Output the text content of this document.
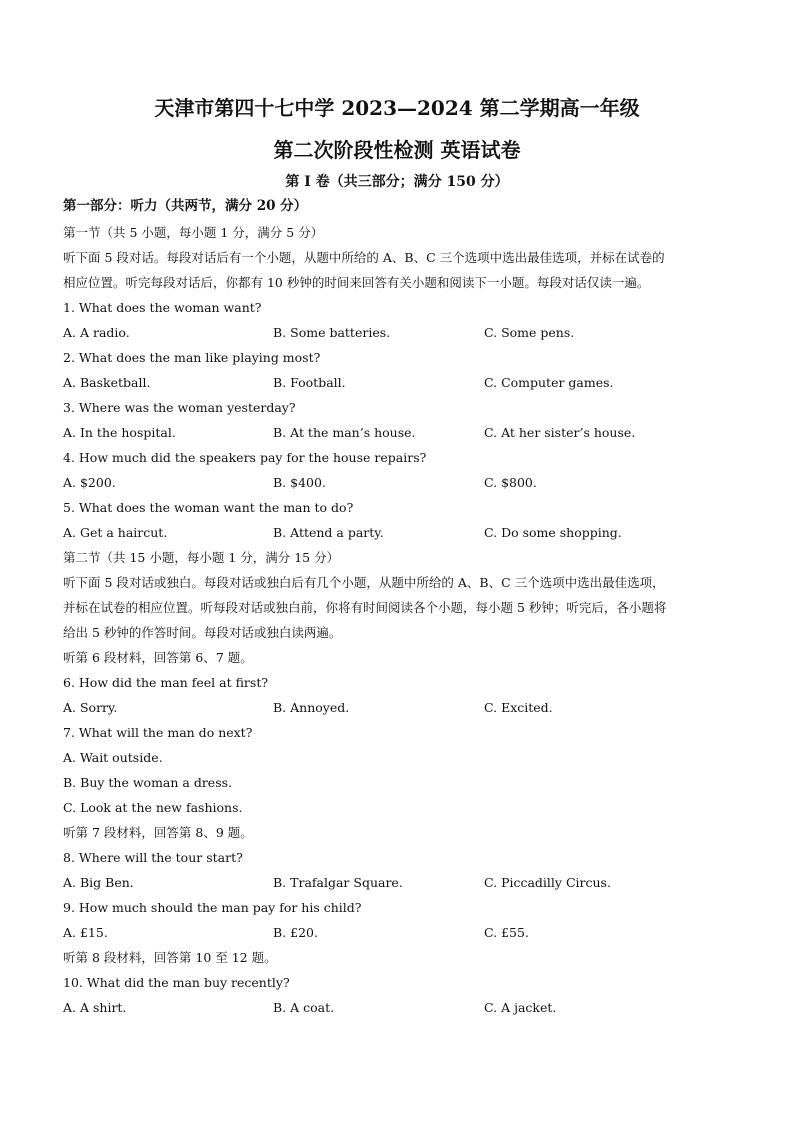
天津市第四十七中学 2023—2024 第二学期高一年级
第二次阶段性检测 英语试卷
第 I 卷（共三部分；满分 150 分）
第一部分：听力（共两节，满分 20 分）
第一节（共 5 小题，每小题 1 分，满分 5 分）
听下面 5 段对话。每段对话后有一个小题，从题中所给的 A、B、C 三个选项中选出最佳选项，并标在试卷的
相应位置。听完每段对话后，你都有 10 秒钟的时间来回答有关小题和阅读下一小题。每段对话仅读一遍。
1. What does the woman want?
A. A radio.	B. Some batteries.	C. Some pens.
2. What does the man like playing most?
A. Basketball.	B. Football.	C. Computer games.
3. Where was the woman yesterday?
A. In the hospital.	B. At the man’s house.	C. At her sister’s house.
4. How much did the speakers pay for the house repairs?
A. $200.	B. $400.	C. $800.
5. What does the woman want the man to do?
A. Get a haircut.	B. Attend a party.	C. Do some shopping.
第二节（共 15 小题，每小题 1 分，满分 15 分）
听下面 5 段对话或独白。每段对话或独白后有几个小题，从题中所给的 A、B、C 三个选项中选出最佳选项，
并标在试卷的相应位置。听每段对话或独白前，你将有时间阅读各个小题，每小题 5 秒钟；听完后，各小题将
给出 5 秒钟的作答时间。每段对话或独白读两遍。
听第 6 段材料，回答第 6、7 题。
6. How did the man feel at first?
A. Sorry.	B. Annoyed.	C. Excited.
7. What will the man do next?
A. Wait outside.
B. Buy the woman a dress.
C. Look at the new fashions.
听第 7 段材料，回答第 8、9 题。
8. Where will the tour start?
A. Big Ben.	B. Trafalgar Square.	C. Piccadilly Circus.
9. How much should the man pay for his child?
A. £15.	B. £20.	C. £55.
听第 8 段材料，回答第 10 至 12 题。
10. What did the man buy recently?
A. A shirt.	B. A coat.	C. A jacket.
